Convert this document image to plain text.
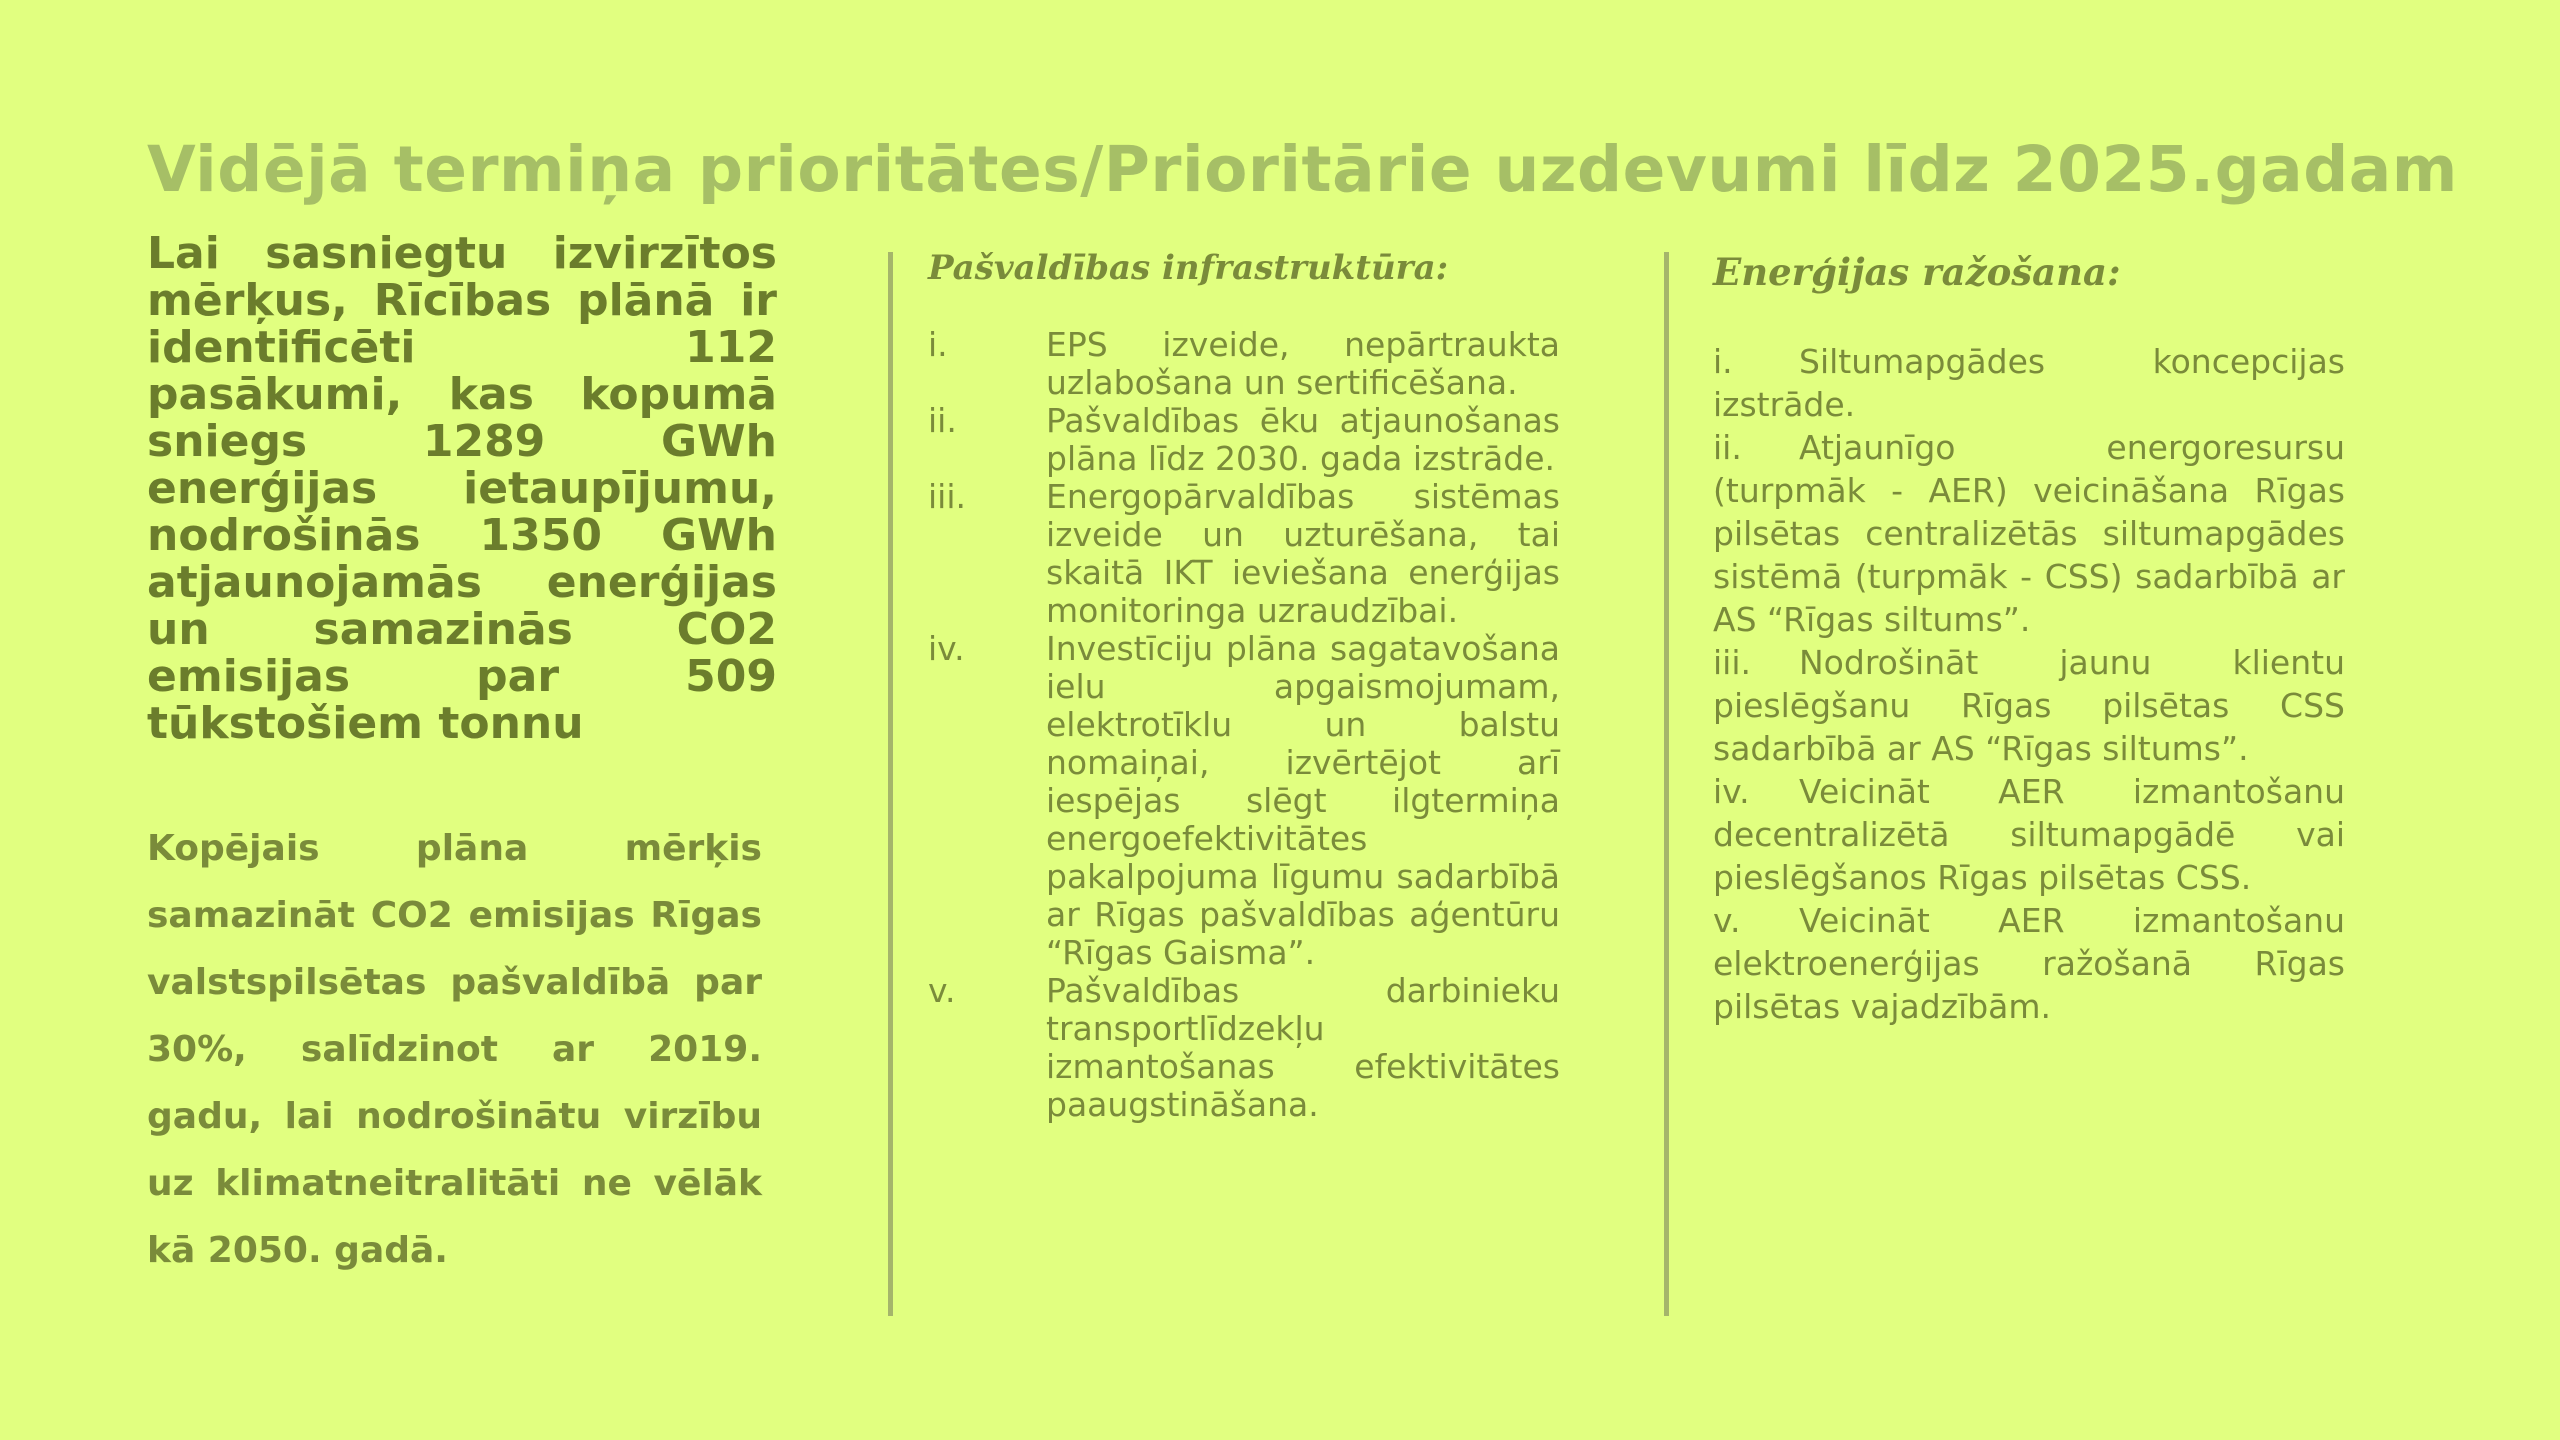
Vidējā termiņa prioritātes/Prioritārie uzdevumi līdz 2025.gadam
Lai sasniegtu izvirzītos mērķus, Rīcības plānā ir identificēti 112 pasākumi, kas kopumā sniegs 1289 GWh enerģijas ietaupījumu, nodrošinās 1350 GWh atjaunojamās enerģijas un samazinās CO2 emisijas par 509 tūkstošiem tonnu
Kopējais plāna mērķis samazināt CO2 emisijas Rīgas valstspilsētas pašvaldībā par 30%, salīdzinot ar 2019. gadu, lai nodrošinātu virzību uz klimatneitralitāti ne vēlāk kā 2050. gadā.
Pašvaldības infrastruktūra:
i.	EPS izveide, nepārtraukta uzlabošana un sertificēšana.
ii.	Pašvaldības ēku atjaunošanas plāna līdz 2030. gada izstrāde.
iii.	Energopārvaldības sistēmas izveide un uzturēšana, tai skaitā IKT ieviešana enerģijas monitoringa uzraudzībai.
iv.	Investīciju plāna sagatavošana ielu apgaismojumam, elektrotīklu un balstu nomaiņai, izvērtējot arī iespējas slēgt ilgtermiņa energoefektivitātes pakalpojuma līgumu sadarbībā ar Rīgas pašvaldības aģentūru “Rīgas Gaisma”.
v.	Pašvaldības darbinieku transportlīdzekļu izmantošanas efektivitātes paaugstināšana.
Enerģijas ražošana:
i. Siltumapgādes koncepcijas izstrāde.
ii. Atjaunīgo energoresursu (turpmāk - AER) veicināšana Rīgas pilsētas centralizētās siltumapgādes sistēmā (turpmāk - CSS) sadarbībā ar AS “Rīgas siltums”.
iii. Nodrošināt jaunu klientu pieslēgšanu Rīgas pilsētas CSS sadarbībā ar AS “Rīgas siltums”.
iv. Veicināt AER izmantošanu decentralizētā siltumapgādē vai pieslēgšanos Rīgas pilsētas CSS.
v. Veicināt AER izmantošanu elektroenerģijas ražošanā Rīgas pilsētas vajadzībām.
